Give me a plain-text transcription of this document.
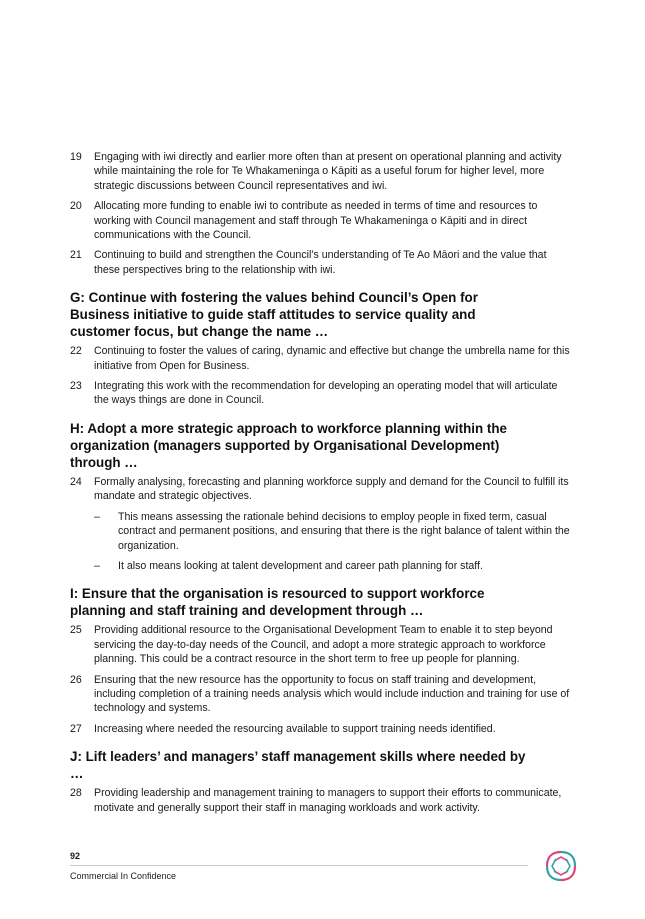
19	Engaging with iwi directly and earlier more often than at present on operational planning and activity while maintaining the role for Te Whakameninga o Kāpiti as a useful forum for higher level, more strategic discussions between Council representatives and iwi.
20	Allocating more funding to enable iwi to contribute as needed in terms of time and resources to working with Council management and staff through Te Whakameninga o Kāpiti and in direct communications with the Council.
21	Continuing to build and strengthen the Council’s understanding of Te Ao Māori and the value that these perspectives bring to the relationship with iwi.
G: Continue with fostering the values behind Council’s Open for Business initiative to guide staff attitudes to service quality and customer focus, but change the name …
22	Continuing to foster the values of caring, dynamic and effective but change the umbrella name for this initiative from Open for Business.
23	Integrating this work with the recommendation for developing an operating model that will articulate the ways things are done in Council.
H: Adopt a more strategic approach to workforce planning within the organization (managers supported by Organisational Development) through …
24	Formally analysing, forecasting and planning workforce supply and demand for the Council to fulfill its mandate and strategic objectives.
–	This means assessing the rationale behind decisions to employ people in fixed term, casual contract and permanent positions, and ensuring that there is the right balance of talent within the organization.
–	It also means looking at talent development and career path planning for staff.
I: Ensure that the organisation is resourced to support workforce planning and staff training and development through …
25	Providing additional resource to the Organisational Development Team to enable it to step beyond servicing the day-to-day needs of the Council, and adopt a more strategic approach to workforce planning. This could be a contract resource in the short term to free up people for planning.
26	Ensuring that the new resource has the opportunity to focus on staff training and development, including completion of a training needs analysis which would include induction and training for use of technology and systems.
27	Increasing where needed the resourcing available to support training needs identified.
J: Lift leaders’ and managers’ staff management skills where needed by …
28	Providing leadership and management training to managers to support their efforts to communicate, motivate and generally support their staff in managing workloads and work activity.
92
Commercial In Confidence
